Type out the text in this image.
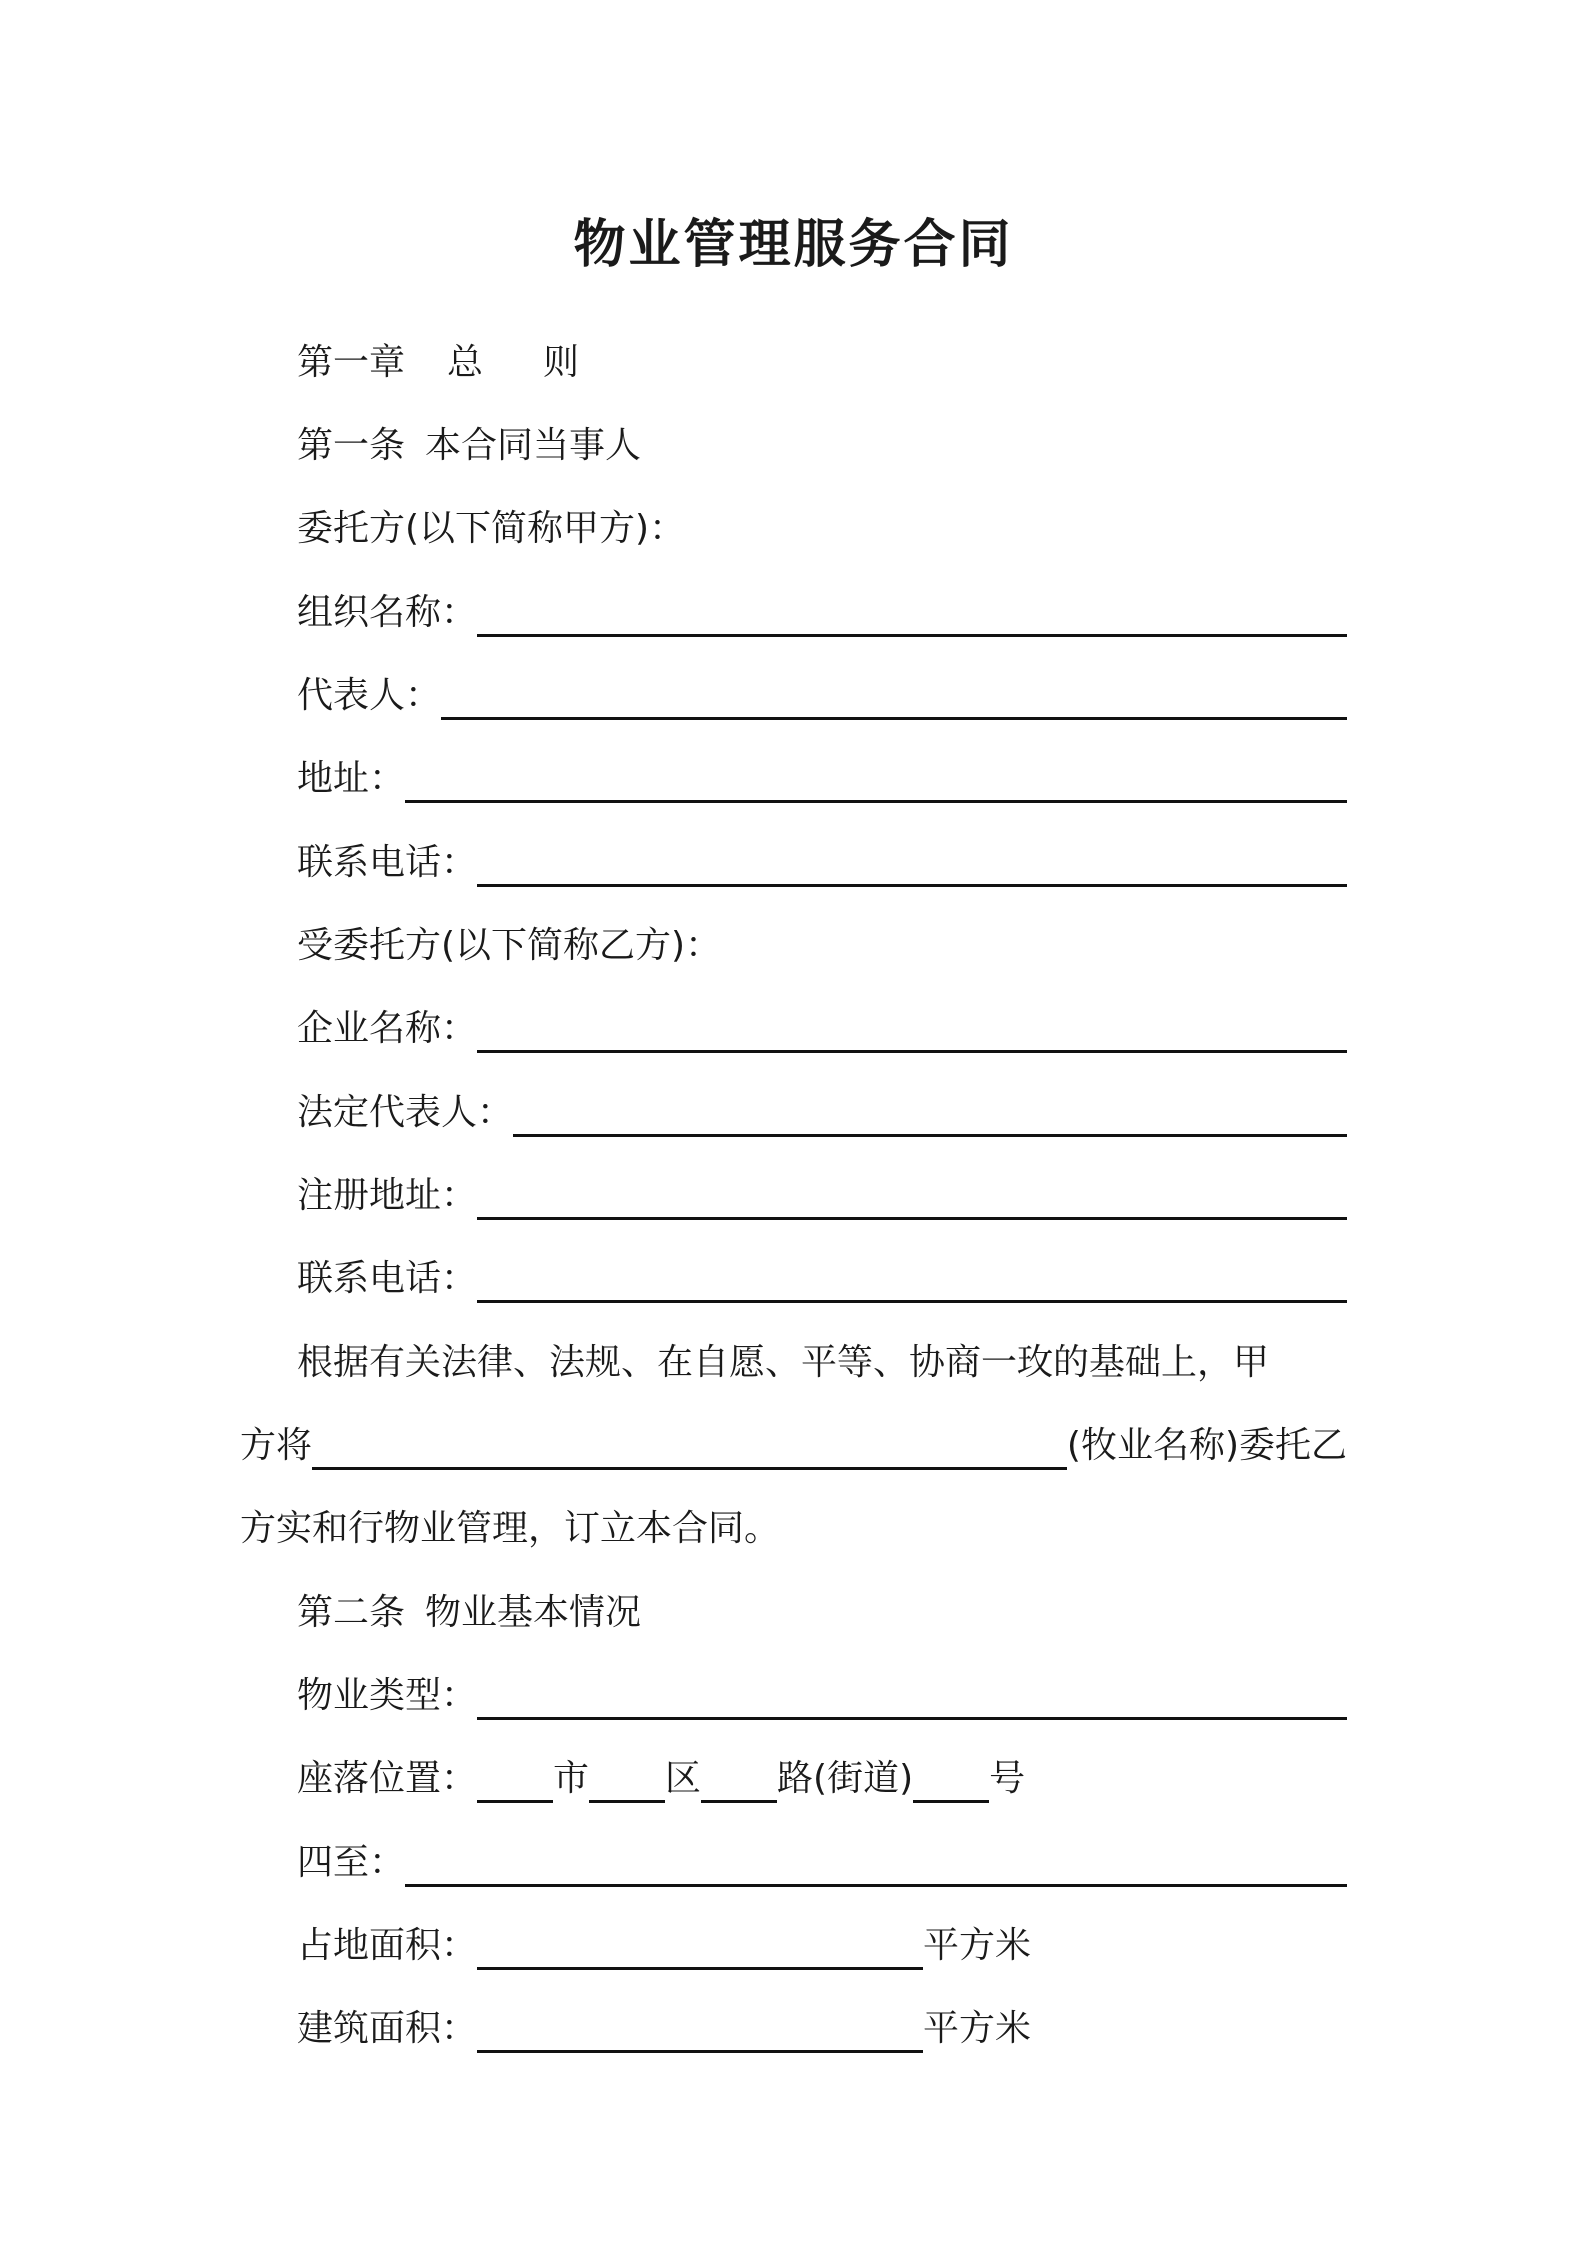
物业管理服务合同
第一章 总 则
第一条 本合同当事人
委托方(以下简称甲方)：
组织名称：
代表人：
地址：
联系电话：
受委托方(以下简称乙方)：
企业名称：
法定代表人：
注册地址：
联系电话：
根据有关法律、法规、在自愿、平等、协商一玫的基础上，甲
方将	(牧业名称)委托乙
方实和行物业管理，订立本合同。
第二条 物业基本情况
物业类型：
座落位置： 市 区 路(街道) 号
四至：
占地面积：	平方米
建筑面积：	平方米
